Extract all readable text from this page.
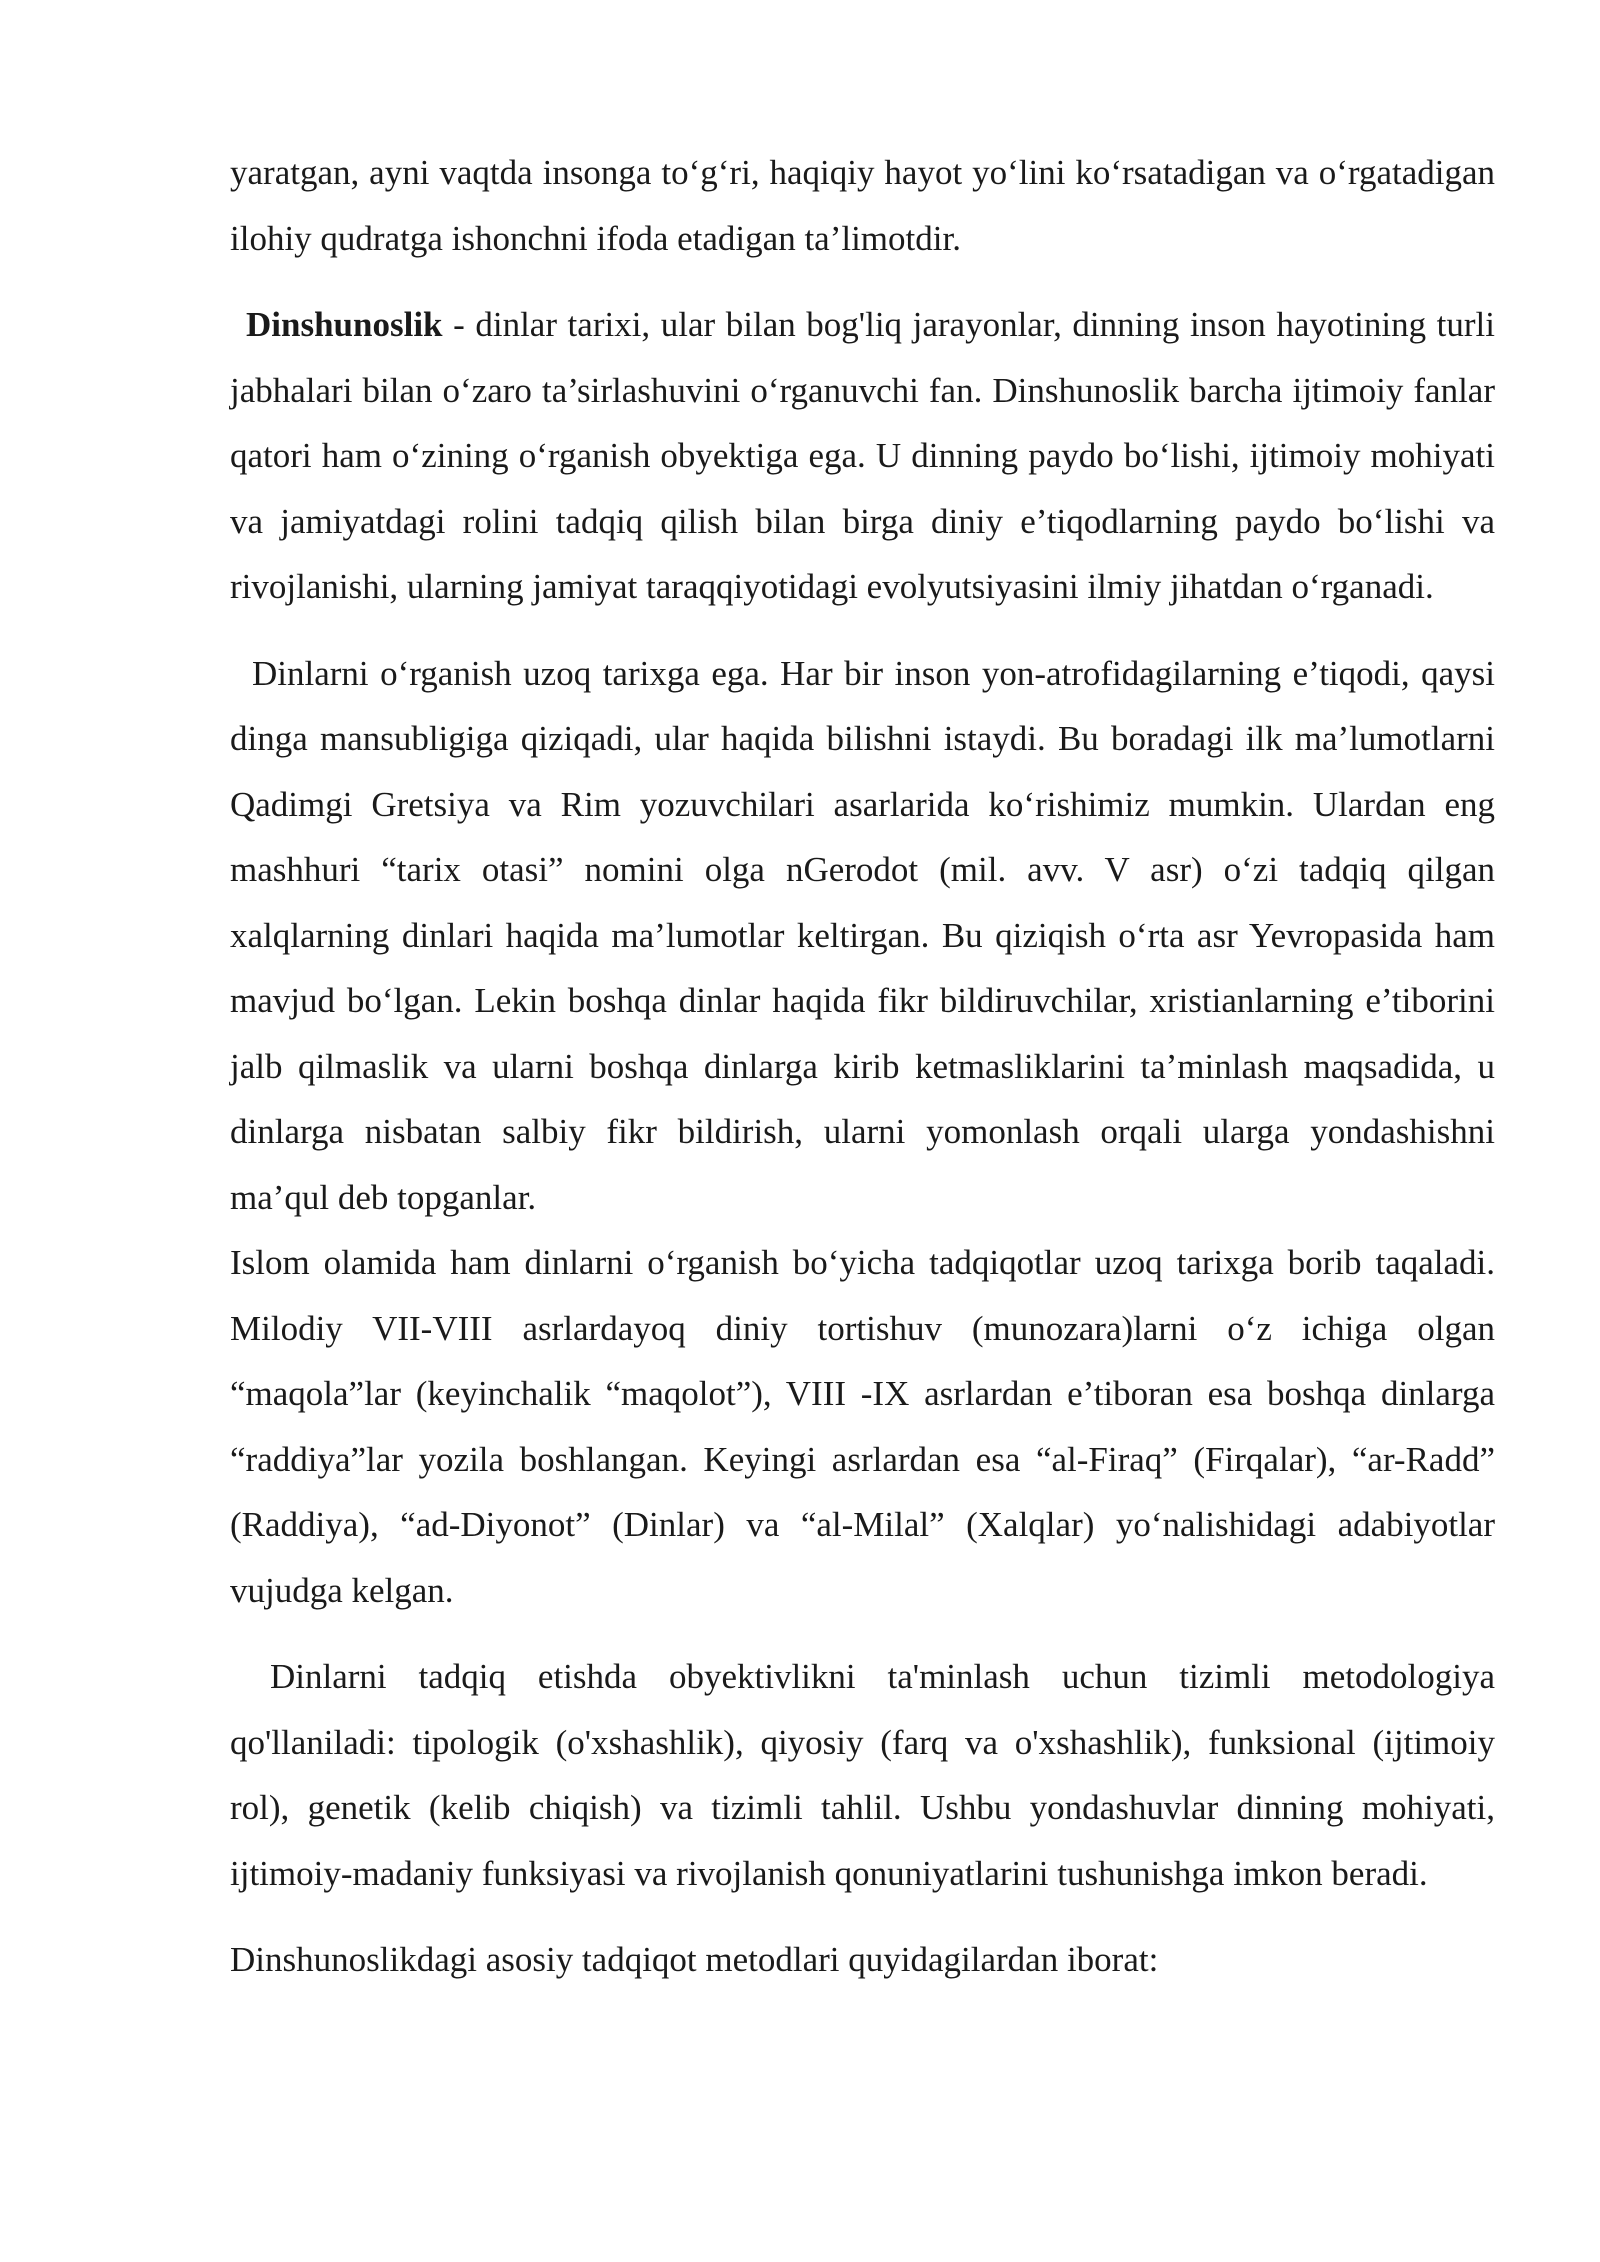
yaratgan, ayni vaqtda insonga to‘g‘ri, haqiqiy hayot yo‘lini ko‘rsatadigan va o‘rgatadigan ilohiy qudratga ishonchni ifoda etadigan ta’limotdir.

Dinshunoslik - dinlar tarixi, ular bilan bog'liq jarayonlar, dinning inson hayotining turli jabhalari bilan o‘zaro ta’sirlashuvini o‘rganuvchi fan. Dinshunoslik barcha ijtimoiy fanlar qatori ham o‘zining o‘rganish obyektiga ega. U dinning paydo bo‘lishi, ijtimoiy mohiyati va jamiyatdagi rolini tadqiq qilish bilan birga diniy e’tiqodlarning paydo bo‘lishi va rivojlanishi, ularning jamiyat taraqqiyotidagi evolyutsiyasini ilmiy jihatdan o‘rganadi.

Dinlarni o‘rganish uzoq tarixga ega. Har bir inson yon-atrofidagilarning e’tiqodi, qaysi dinga mansubligiga qiziqadi, ular haqida bilishni istaydi. Bu boradagi ilk ma’lumotlarni Qadimgi Gretsiya va Rim yozuvchilari asarlarida ko‘rishimiz mumkin. Ulardan eng mashhuri “tarix otasi” nomini olga nGerodot (mil. avv. V asr) o‘zi tadqiq qilgan xalqlarning dinlari haqida ma’lumotlar keltirgan. Bu qiziqish o‘rta asr Yevropasida ham mavjud bo‘lgan. Lekin boshqa dinlar haqida fikr bildiruvchilar, xristianlarning e’tiborini jalb qilmaslik va ularni boshqa dinlarga kirib ketmasliklarini ta’minlash maqsadida, u dinlarga nisbatan salbiy fikr bildirish, ularni yomonlash orqali ularga yondashishni ma’qul deb topganlar.

Islom olamida ham dinlarni o‘rganish bo‘yicha tadqiqotlar uzoq tarixga borib taqaladi. Milodiy VII-VIII asrlardayoq diniy tortishuv (munozara)larni o‘z ichiga olgan “maqola”lar (keyinchalik “maqolot”), VIII -IX asrlardan e’tiboran esa boshqa dinlarga “raddiya”lar yozila boshlangan. Keyingi asrlardan esa “al-Firaq” (Firqalar), “ar-Radd” (Raddiya), “ad-Diyonot” (Dinlar) va “al-Milal” (Xalqlar) yo‘nalishidagi adabiyotlar vujudga kelgan.

Dinlarni tadqiq etishda obyektivlikni ta'minlash uchun tizimli metodologiya qo'llaniladi: tipologik (o'xshashlik), qiyosiy (farq va o'xshashlik), funksional (ijtimoiy rol), genetik (kelib chiqish) va tizimli tahlil. Ushbu yondashuvlar dinning mohiyati, ijtimoiy-madaniy funksiyasi va rivojlanish qonuniyatlarini tushunishga imkon beradi.

Dinshunoslikdagi asosiy tadqiqot metodlari quyidagilardan iborat:
